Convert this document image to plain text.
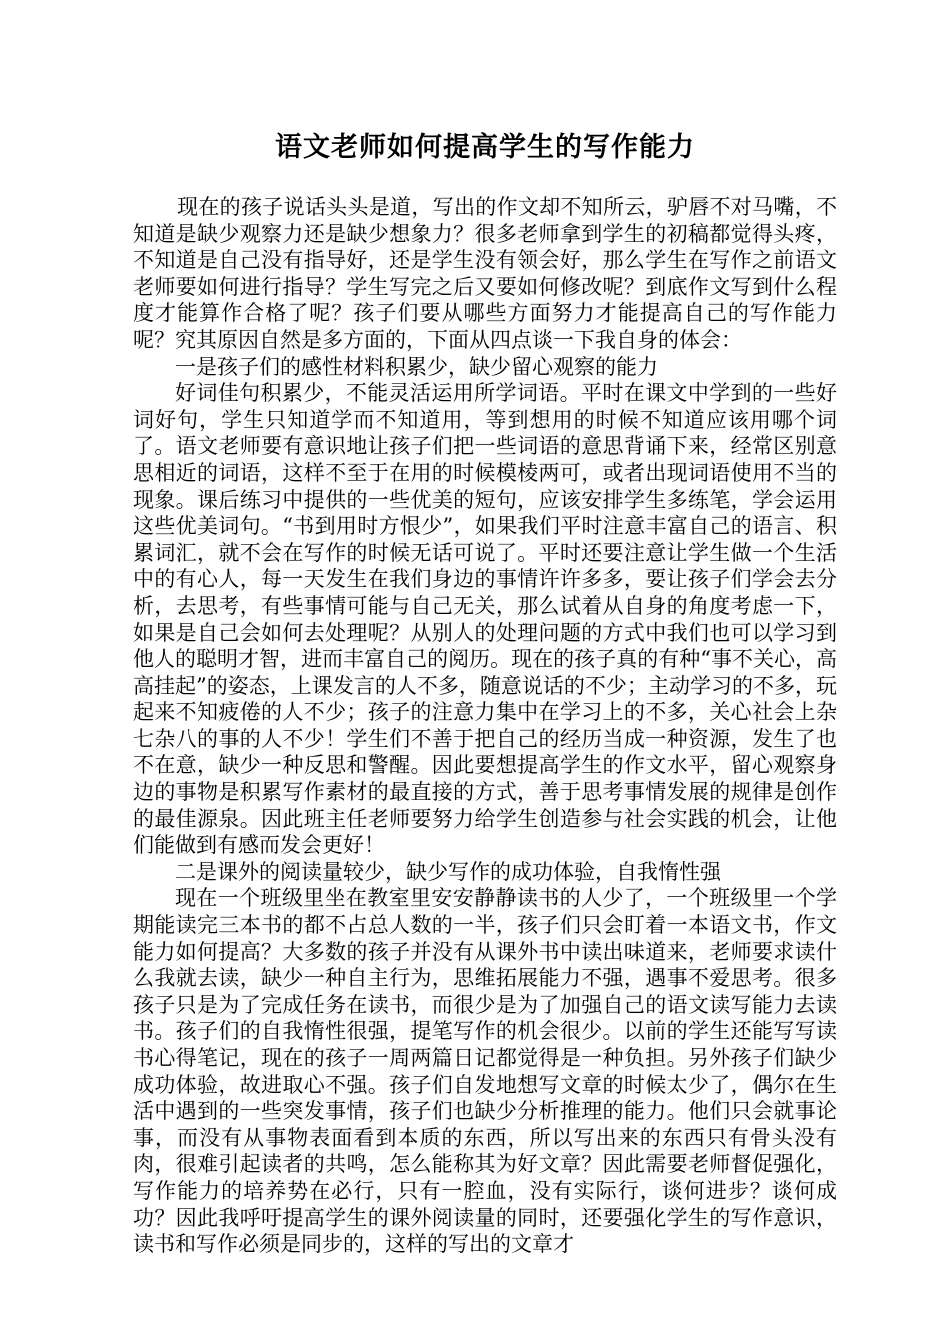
语文老师如何提高学生的写作能力

现在的孩子说话头头是道，写出的作文却不知所云，驴唇不对马嘴，不知道是缺少观察力还是缺少想象力？很多老师拿到学生的初稿都觉得头疼，不知道是自己没有指导好，还是学生没有领会好，那么学生在写作之前语文老师要如何进行指导？学生写完之后又要如何修改呢？到底作文写到什么程度才能算作合格了呢？孩子们要从哪些方面努力才能提高自己的写作能力呢？究其原因自然是多方面的，下面从四点谈一下我自身的体会：

一是孩子们的感性材料积累少，缺少留心观察的能力

好词佳句积累少，不能灵活运用所学词语。平时在课文中学到的一些好词好句，学生只知道学而不知道用，等到想用的时候不知道应该用哪个词了。语文老师要有意识地让孩子们把一些词语的意思背诵下来，经常区别意思相近的词语，这样不至于在用的时候模棱两可，或者出现词语使用不当的现象。课后练习中提供的一些优美的短句，应该安排学生多练笔，学会运用这些优美词句。“书到用时方恨少”，如果我们平时注意丰富自己的语言、积累词汇，就不会在写作的时候无话可说了。平时还要注意让学生做一个生活中的有心人，每一天发生在我们身边的事情许许多多，要让孩子们学会去分析，去思考，有些事情可能与自己无关，那么试着从自身的角度考虑一下，如果是自己会如何去处理呢？从别人的处理问题的方式中我们也可以学习到他人的聪明才智，进而丰富自己的阅历。现在的孩子真的有种“事不关心，高高挂起”的姿态，上课发言的人不多，随意说话的不少；主动学习的不多，玩起来不知疲倦的人不少；孩子的注意力集中在学习上的不多，关心社会上杂七杂八的事的人不少！学生们不善于把自己的经历当成一种资源，发生了也不在意，缺少一种反思和警醒。因此要想提高学生的作文水平，留心观察身边的事物是积累写作素材的最直接的方式，善于思考事情发展的规律是创作的最佳源泉。因此班主任老师要努力给学生创造参与社会实践的机会，让他们能做到有感而发会更好！

二是课外的阅读量较少，缺少写作的成功体验，自我惰性强

现在一个班级里坐在教室里安安静静读书的人少了，一个班级里一个学期能读完三本书的都不占总人数的一半，孩子们只会盯着一本语文书，作文能力如何提高？大多数的孩子并没有从课外书中读出味道来，老师要求读什么我就去读，缺少一种自主行为，思维拓展能力不强，遇事不爱思考。很多孩子只是为了完成任务在读书，而很少是为了加强自己的语文读写能力去读书。孩子们的自我惰性很强，提笔写作的机会很少。以前的学生还能写写读书心得笔记，现在的孩子一周两篇日记都觉得是一种负担。另外孩子们缺少成功体验，故进取心不强。孩子们自发地想写文章的时候太少了，偶尔在生活中遇到的一些突发事情，孩子们也缺少分析推理的能力。他们只会就事论事，而没有从事物表面看到本质的东西，所以写出来的东西只有骨头没有肉，很难引起读者的共鸣，怎么能称其为好文章？因此需要老师督促强化，写作能力的培养势在必行，只有一腔血，没有实际行，谈何进步？谈何成功？因此我呼吁提高学生的课外阅读量的同时，还要强化学生的写作意识，读书和写作必须是同步的，这样的写出的文章才
